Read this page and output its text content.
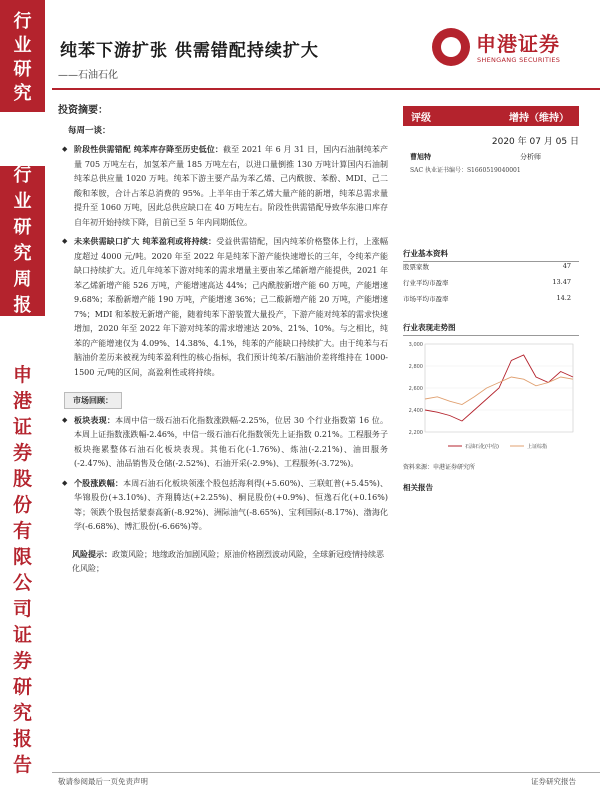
行
业
研
究
行
业
研
究
周
报
申
港
证
券
股
份
有
限
公
司
证
券
研
究
报
告
纯苯下游扩张 供需错配持续扩大
——石油石化
申港证券
SHENGANG SECURITIES
投资摘要：
每周一谈：
◆ 阶段性供需错配 纯苯库存降至历史低位：截至 2021 年 6 月 31 日，国内石油制纯苯产量 705 万吨左右，加氢苯产量 185 万吨左右，以进口量倒推 130 万吨计算国内石油制纯苯总供应量 1020 万吨。纯苯下游主要产品为苯乙烯、己内酰胺、苯酚、MDI、己二酸和苯胺，合计占苯总消费的 95%。上半年由于苯乙烯大量产能的新增，纯苯总需求量提升至 1060 万吨，因此总供应缺口在 40 万吨左右。阶段性供需错配导致华东港口库存自年初开始持续下降，目前已至 5 年内同期低位。
◆ 未来供需缺口扩大 纯苯盈利或将持续：受益供需错配，国内纯苯价格整体上行，上涨幅度超过 4000 元/吨。2020 年至 2022 年是纯苯下游产能快速增长的三年，令纯苯产能缺口持续扩大。近几年纯苯下游对纯苯的需求增量主要由苯乙烯新增产能提供，2021 年苯乙烯新增产能 526 万吨，产能增速高达 44%；己内酰胺新增产能 60 万吨，产能增速 9.68%；苯酚新增产能 190 万吨，产能增速 36%；己二酸新增产能 20 万吨，产能增速 7%；MDI 和苯胺无新增产能，随着纯苯下游装置大量投产，下游产能对纯苯的需求快速增加，2020 年至 2022 年下游对纯苯的需求增速达 20%、21%、10%。与之相比，纯苯的产能增速仅为 4.09%、14.38%、4.1%，纯苯的产能缺口持续扩大。由于纯苯与石脑油价差历来被视为纯苯盈利性的核心指标，我们预计纯苯/石脑油价差将维持在 1000-1500 元/吨的区间，高盈利性或将持续。
市场回顾：
◆ 板块表现：本周中信一级石油石化指数涨跌幅-2.25%，位居 30 个行业指数第 16 位。本周上证指数涨跌幅-2.46%，中信一级石油石化指数领先上证指数 0.21%。工程服务子板块拖累整体石油石化板块表现。其他石化(-1.76%)、炼油(-2.21%)、油田服务(-2.47%)、油品销售及仓储(-2.52%)、石油开采(-2.9%)、工程服务(-3.72%)。
◆ 个股涨跌幅：本周石油石化板块领涨个股包括海利得(+5.60%)、三联虹普(+5.45%)、华锦股份(+3.10%)、齐翔腾达(+2.25%)、桐昆股份(+0.9%)、恒逸石化(+0.16%)等；领跌个股包括蒙泰高新(-8.92%)、洲际油气(-8.65%)、宝利国际(-8.17%)、渤海化学(-6.68%)、博汇股份(-6.66%)等。
风险提示：政策风险；地缘政治加剧风险；原油价格剧烈波动风险，全球新冠疫情持续恶化风险；
评级	增持（维持）
2020 年 07 月 05 日
曹旭特	分析师
SAC 执业证书编号：S1660519040001
行业基本资料
股票家数	47
行业平均市盈率	13.47
市场平均市盈率	14.2
行业表现走势图
3,000
2,800
2,600
2,400
2,200
石油石化(中信)	上证综指
资料来源：申港证券研究所
相关报告
敬请参阅最后一页免责声明	证券研究报告
